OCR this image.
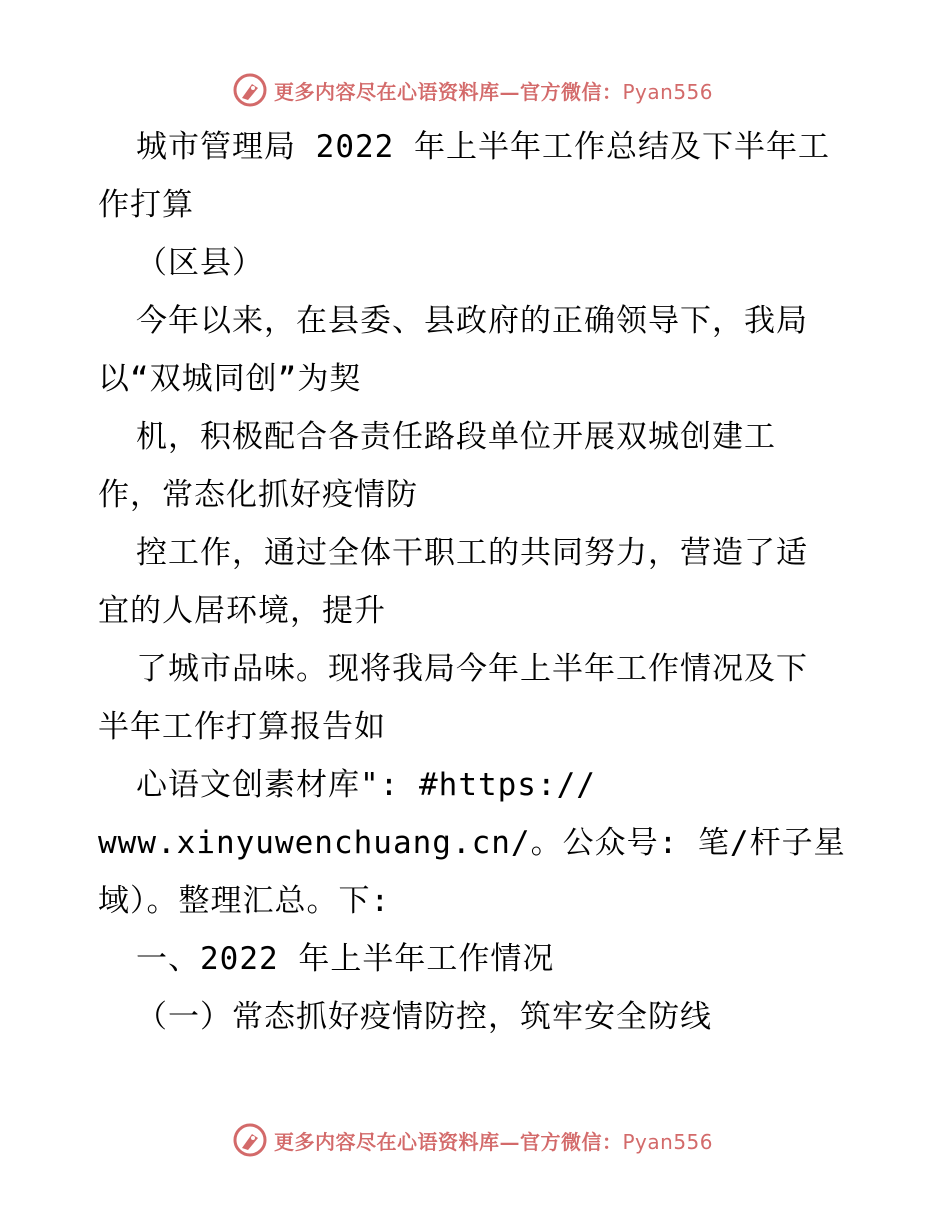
更多内容尽在心语资料库—官方微信：Pyan556
城市管理局 2022 年上半年工作总结及下半年工
作打算
（区县）
今年以来，在县委、县政府的正确领导下，我局
以“双城同创”为契
机，积极配合各责任路段单位开展双城创建工
作，常态化抓好疫情防
控工作，通过全体干职工的共同努力，营造了适
宜的人居环境，提升
了城市品味。现将我局今年上半年工作情况及下
半年工作打算报告如
心语文创素材库": #https://
www.xinyuwenchuang.cn/。公众号: 笔/杆子星
域）。整理汇总。下:
一、2022 年上半年工作情况
（一）常态抓好疫情防控，筑牢安全防线
更多内容尽在心语资料库—官方微信：Pyan556
